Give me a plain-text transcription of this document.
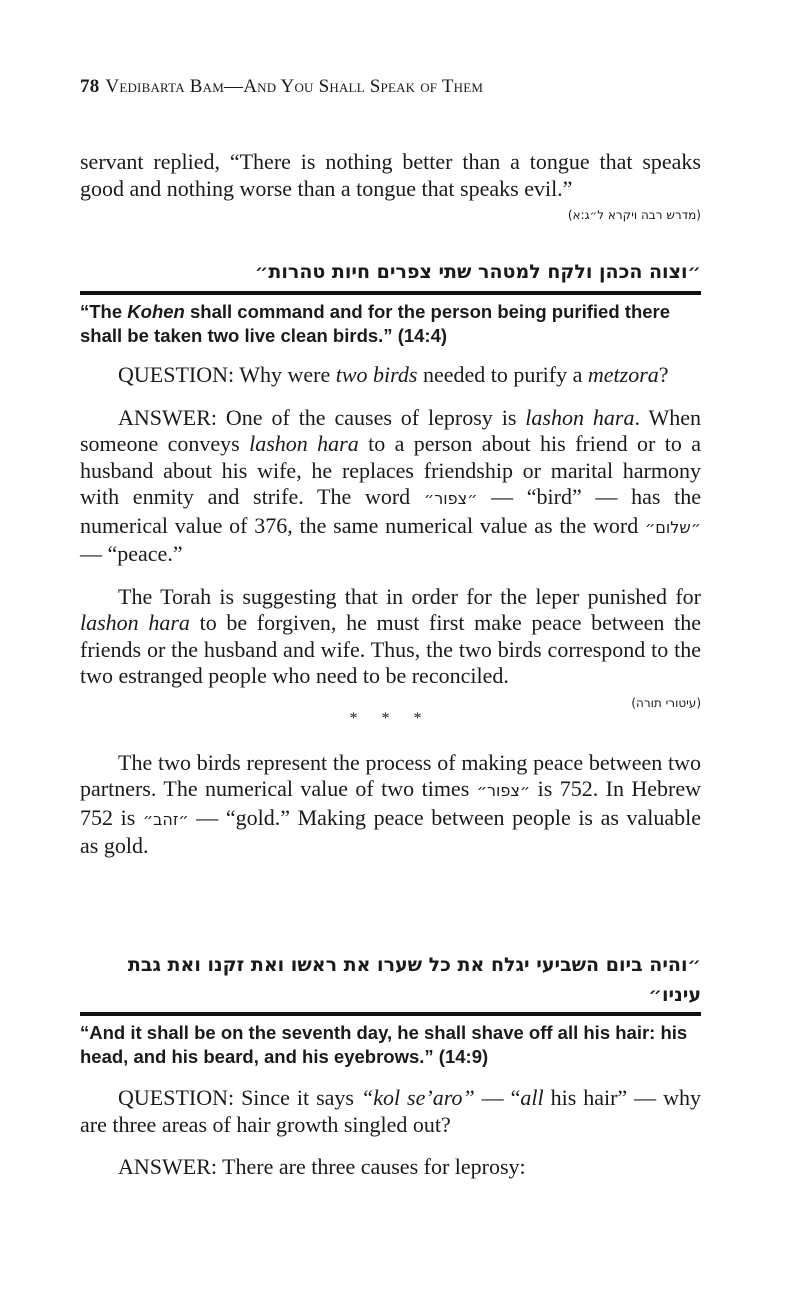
78 Vedibarta Bam—And You Shall Speak of Them

servant replied, “There is nothing better than a tongue that speaks good and nothing worse than a tongue that speaks evil.”

(מדרש רבה ויקרא ל״ג:א)
״וצוה הכהן ולקח למטהר שתי צפרים חיות טהרות״

“The Kohen shall command and for the person being purified there shall be taken two live clean birds.” (14:4)

QUESTION: Why were two birds needed to purify a metzora?

ANSWER: One of the causes of leprosy is lashon hara. When someone conveys lashon hara to a person about his friend or to a husband about his wife, he replaces friendship or marital harmony with enmity and strife. The word ״צפור״ — “bird” — has the numerical value of 376, the same numerical value as the word ״שלום״ — “peace.”

The Torah is suggesting that in order for the leper punished for lashon hara to be forgiven, he must first make peace between the friends or the husband and wife. Thus, the two birds correspond to the two estranged people who need to be reconciled.

(עיטורי תורה)
* * *

The two birds represent the process of making peace between two partners. The numerical value of two times ״צפור״ is 752. In Hebrew 752 is ״זהב״ — “gold.” Making peace between people is as valuable as gold.

״והיה ביום השביעי יגלח את כל שערו את ראשו ואת זקנו ואת גבת
עיניו״

“And it shall be on the seventh day, he shall shave off all his hair: his head, and his beard, and his eyebrows.” (14:9)

QUESTION: Since it says “kol se’aro” — “all his hair” — why are three areas of hair growth singled out?

ANSWER: There are three causes for leprosy:
